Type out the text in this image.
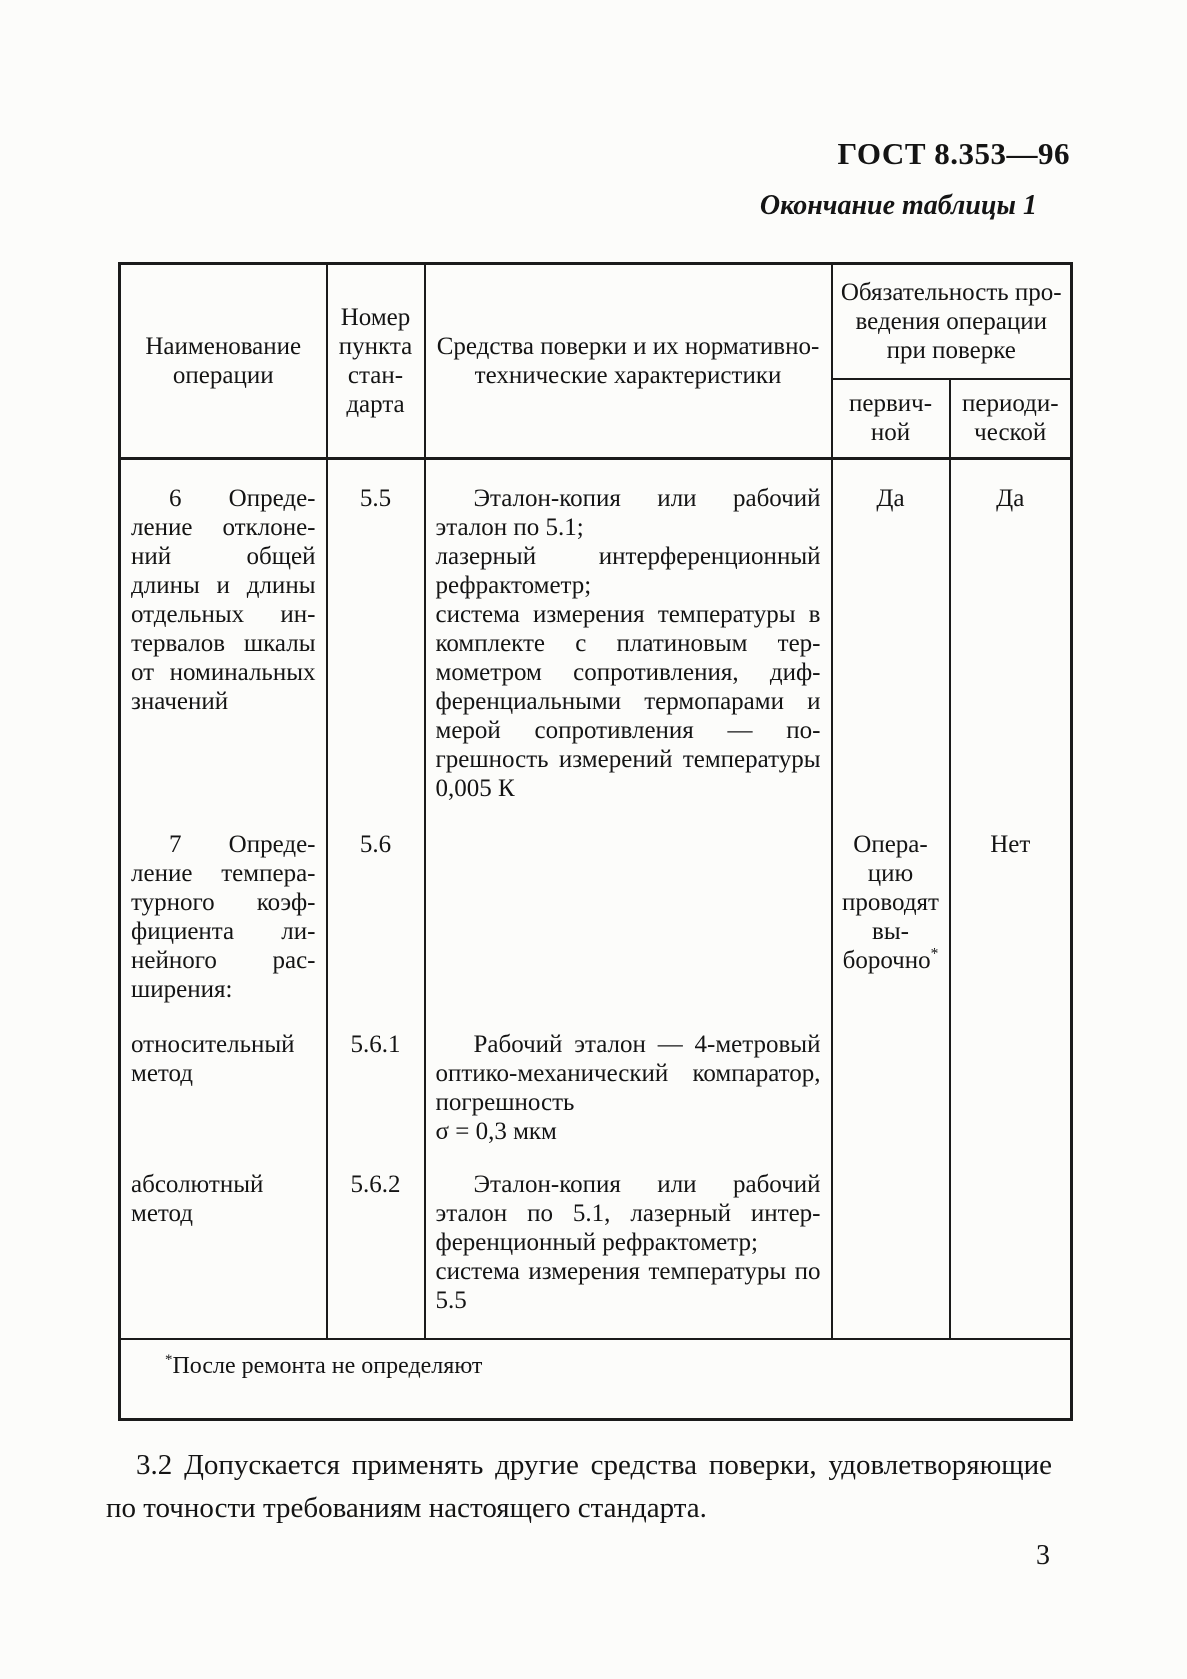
ГОСТ 8.353—96
Окончание таблицы 1
Наименование операции	Номер пункта стандарта	Средства поверки и их нормативно-технические характеристики	Обязательность проведения операции при поверке	
			первичной	периодической
6 Определение отклонений общей длины и длины отдельных интервалов шкалы от номинальных значений	5.5	Эталон-копия или рабочий эталон по 5.1;
лазерный интерференционный рефрактометр;
система измерения температуры в комплекте с платиновым термометром сопротивления, дифференциальными термопарами и мерой сопротивления — погрешность измерений температуры 0,005 К	Да	Да
7 Определение температурного коэффициента линейного расширения:	5.6		Операцию проводят выборочно*	Нет
относительный метод	5.6.1	Рабочий эталон — 4-метровый оптико-механический компаратор, погрешность
σ = 0,3 мкм		

абсолютный метод	5.6.2	Эталон-копия или рабочий эталон по 5.1, лазерный интерференционный рефрактометр;
система измерения температуры по 5.5		

*После ремонта не определяют				

3.2 Допускается применять другие средства поверки, удовлетворяющие по точности требованиям настоящего стандарта.

3
